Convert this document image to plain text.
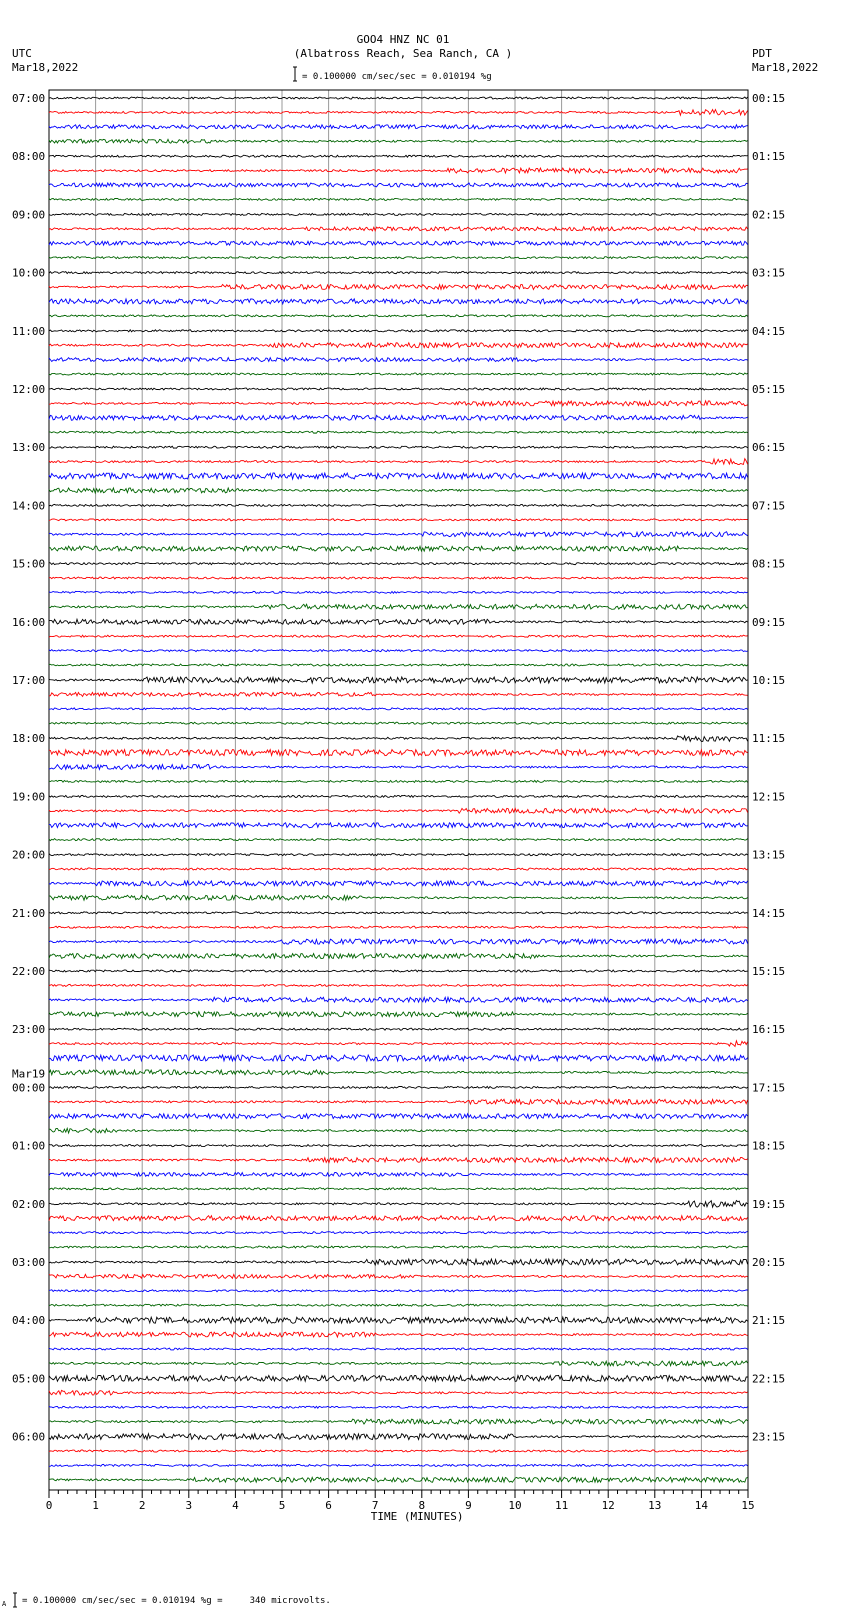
GOO4 HNZ NC 01
(Albatross Reach, Sea Ranch, CA )
= 0.100000 cm/sec/sec = 0.010194 %g
UTC
Mar18,2022
PDT
Mar18,2022
A = 0.100000 cm/sec/sec = 0.010194 %g =     340 microvolts.
0	1	2	3	4	5	6	7	8	9	10	11	12	13	14	15
TIME (MINUTES)
07:00	00:15
08:00	01:15
09:00	02:15
10:00	03:15
11:00	04:15
12:00	05:15
13:00	06:15
14:00	07:15
15:00	08:15
16:00	09:15
17:00	10:15
18:00	11:15
19:00	12:15
20:00	13:15
21:00	14:15
22:00	15:15
23:00	16:15
00:00	17:15
01:00	18:15
02:00	19:15
03:00	20:15
04:00	21:15
05:00	22:15
06:00	23:15
Mar19
